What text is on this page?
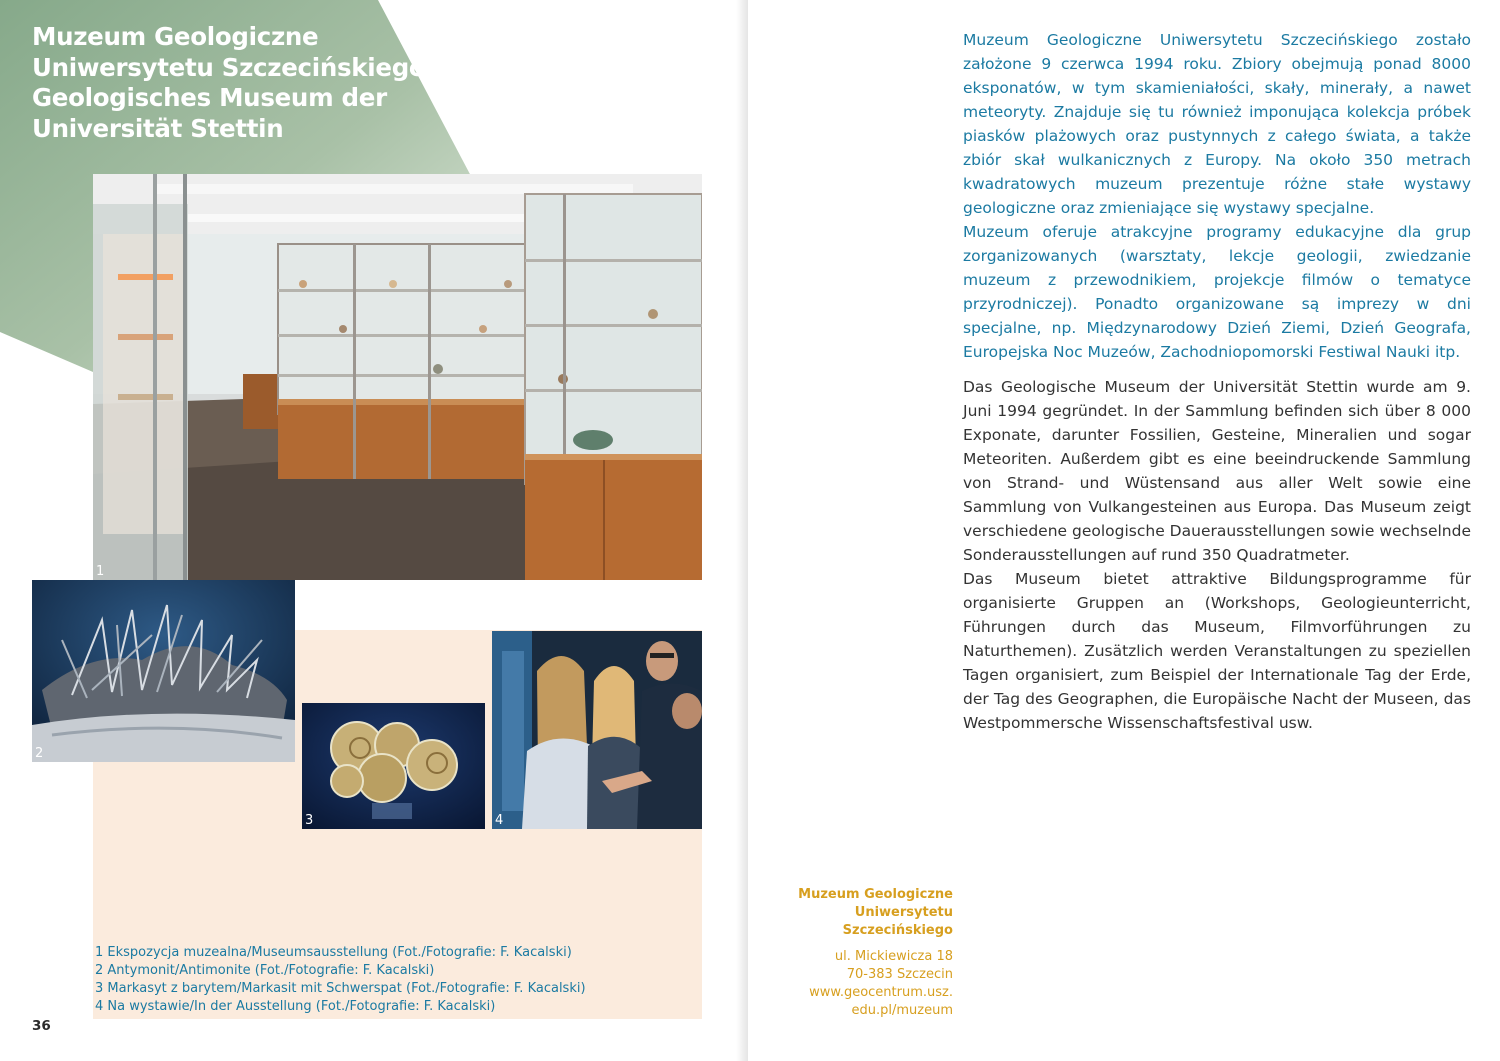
Muzeum Geologiczne Uniwersytetu Szczecińskiego / Geologisches Museum der Universität Stettin
1
2
3	4
1 Ekspozycja muzealna/Museumsausstellung (Fot./Fotografie: F. Kacalski)
2 Antymonit/Antimonite (Fot./Fotografie: F. Kacalski)
3 Markasyt z barytem/Markasit mit Schwerspat (Fot./Fotografie: F. Kacalski)
4 Na wystawie/In der Ausstellung (Fot./Fotografie: F. Kacalski)
36

Muzeum Geologiczne Uniwersytetu Szczecińskiego zostało założone 9 czerwca 1994 roku. Zbiory obejmują ponad 8000 eksponatów, w tym skamieniałości, skały, minerały, a nawet meteoryty. Znajduje się tu również imponująca kolekcja próbek piasków plażowych oraz pustynnych z całego świata, a także zbiór skał wulkanicznych z Europy. Na około 350 metrach kwadratowych muzeum prezentuje różne stałe wystawy geologiczne oraz zmieniające się wystawy specjalne.

Muzeum oferuje atrakcyjne programy edukacyjne dla grup zorganizowanych (warsztaty, lekcje geologii, zwiedzanie muzeum z przewodnikiem, projekcje filmów o tematyce przyrodniczej). Ponadto organizowane są imprezy w dni specjalne, np. Międzynarodowy Dzień Ziemi, Dzień Geografa, Europejska Noc Muzeów, Zachodniopomorski Festiwal Nauki itp.

Das Geologische Museum der Universität Stettin wurde am 9. Juni 1994 gegründet. In der Sammlung befinden sich über 8 000 Exponate, darunter Fossilien, Gesteine, Mineralien und sogar Meteoriten. Außerdem gibt es eine beeindruckende Sammlung von Strand- und Wüstensand aus aller Welt sowie eine Sammlung von Vulkangesteinen aus Europa. Das Museum zeigt verschiedene geologische Dauerausstellungen sowie wechselnde Sonderausstellungen auf rund 350 Quadratmeter.

Das Museum bietet attraktive Bildungsprogramme für organisierte Gruppen an (Workshops, Geologieunterricht, Führungen durch das Museum, Filmvorführungen zu Naturthemen). Zusätzlich werden Veranstaltungen zu speziellen Tagen organisiert, zum Beispiel der Internationale Tag der Erde, der Tag des Geographen, die Europäische Nacht der Museen, das Westpommersche Wissenschaftsfestival usw.

Muzeum Geologiczne
Uniwersytetu
Szczecińskiego
ul. Mickiewicza 18
70-383 Szczecin
www.geocentrum.usz.
edu.pl/muzeum
